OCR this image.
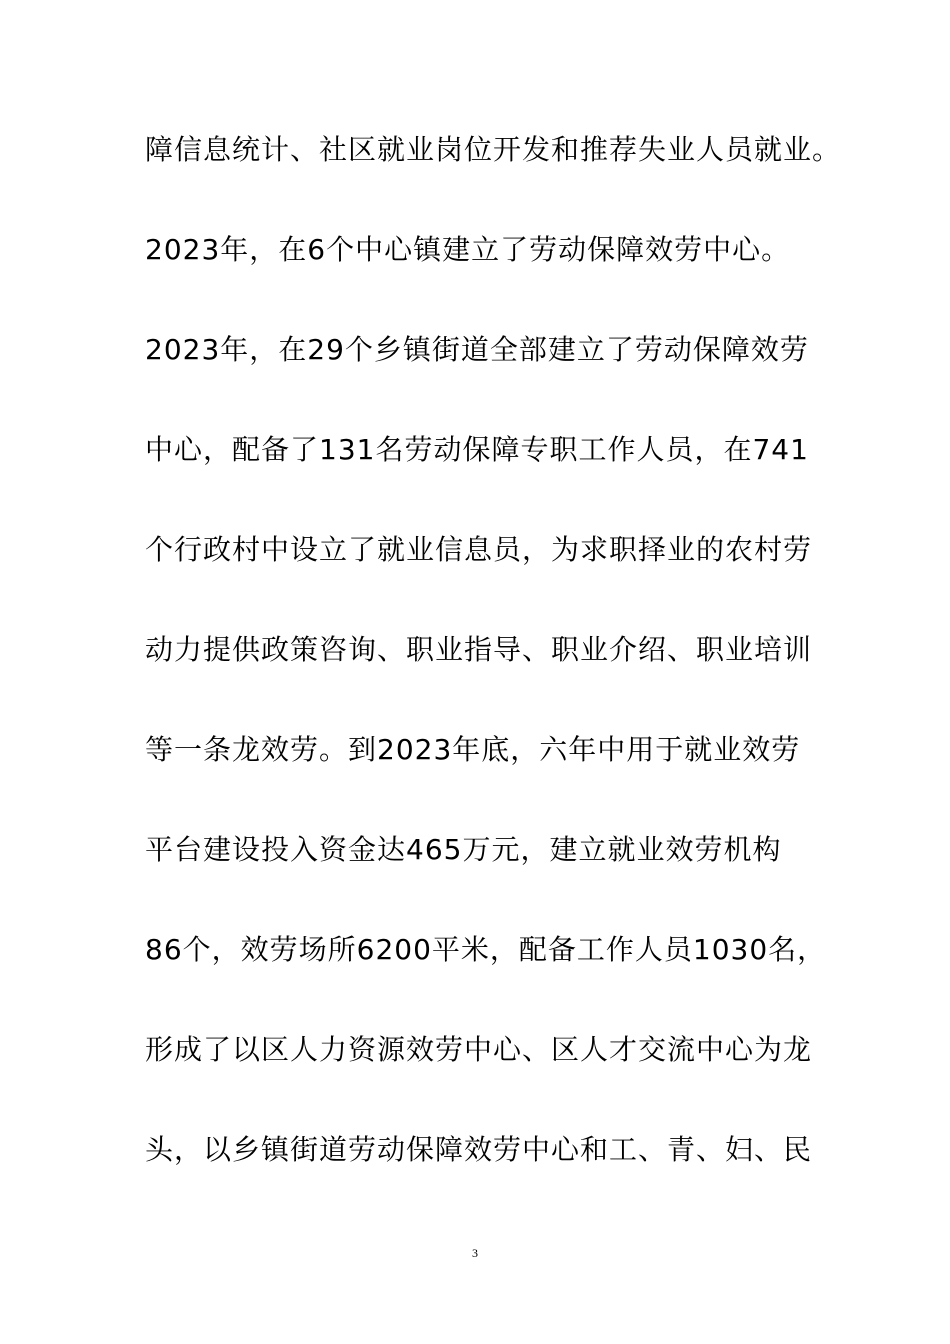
障信息统计、社区就业岗位开发和推荐失业人员就业。
2023年，在6个中心镇建立了劳动保障效劳中心。
2023年，在29个乡镇街道全部建立了劳动保障效劳
中心，配备了131名劳动保障专职工作人员，在741
个行政村中设立了就业信息员，为求职择业的农村劳
动力提供政策咨询、职业指导、职业介绍、职业培训
等一条龙效劳。到2023年底，六年中用于就业效劳
平台建设投入资金达465万元，建立就业效劳机构
86个，效劳场所6200平米，配备工作人员1030名，
形成了以区人力资源效劳中心、区人才交流中心为龙
头，以乡镇街道劳动保障效劳中心和工、青、妇、民
3
